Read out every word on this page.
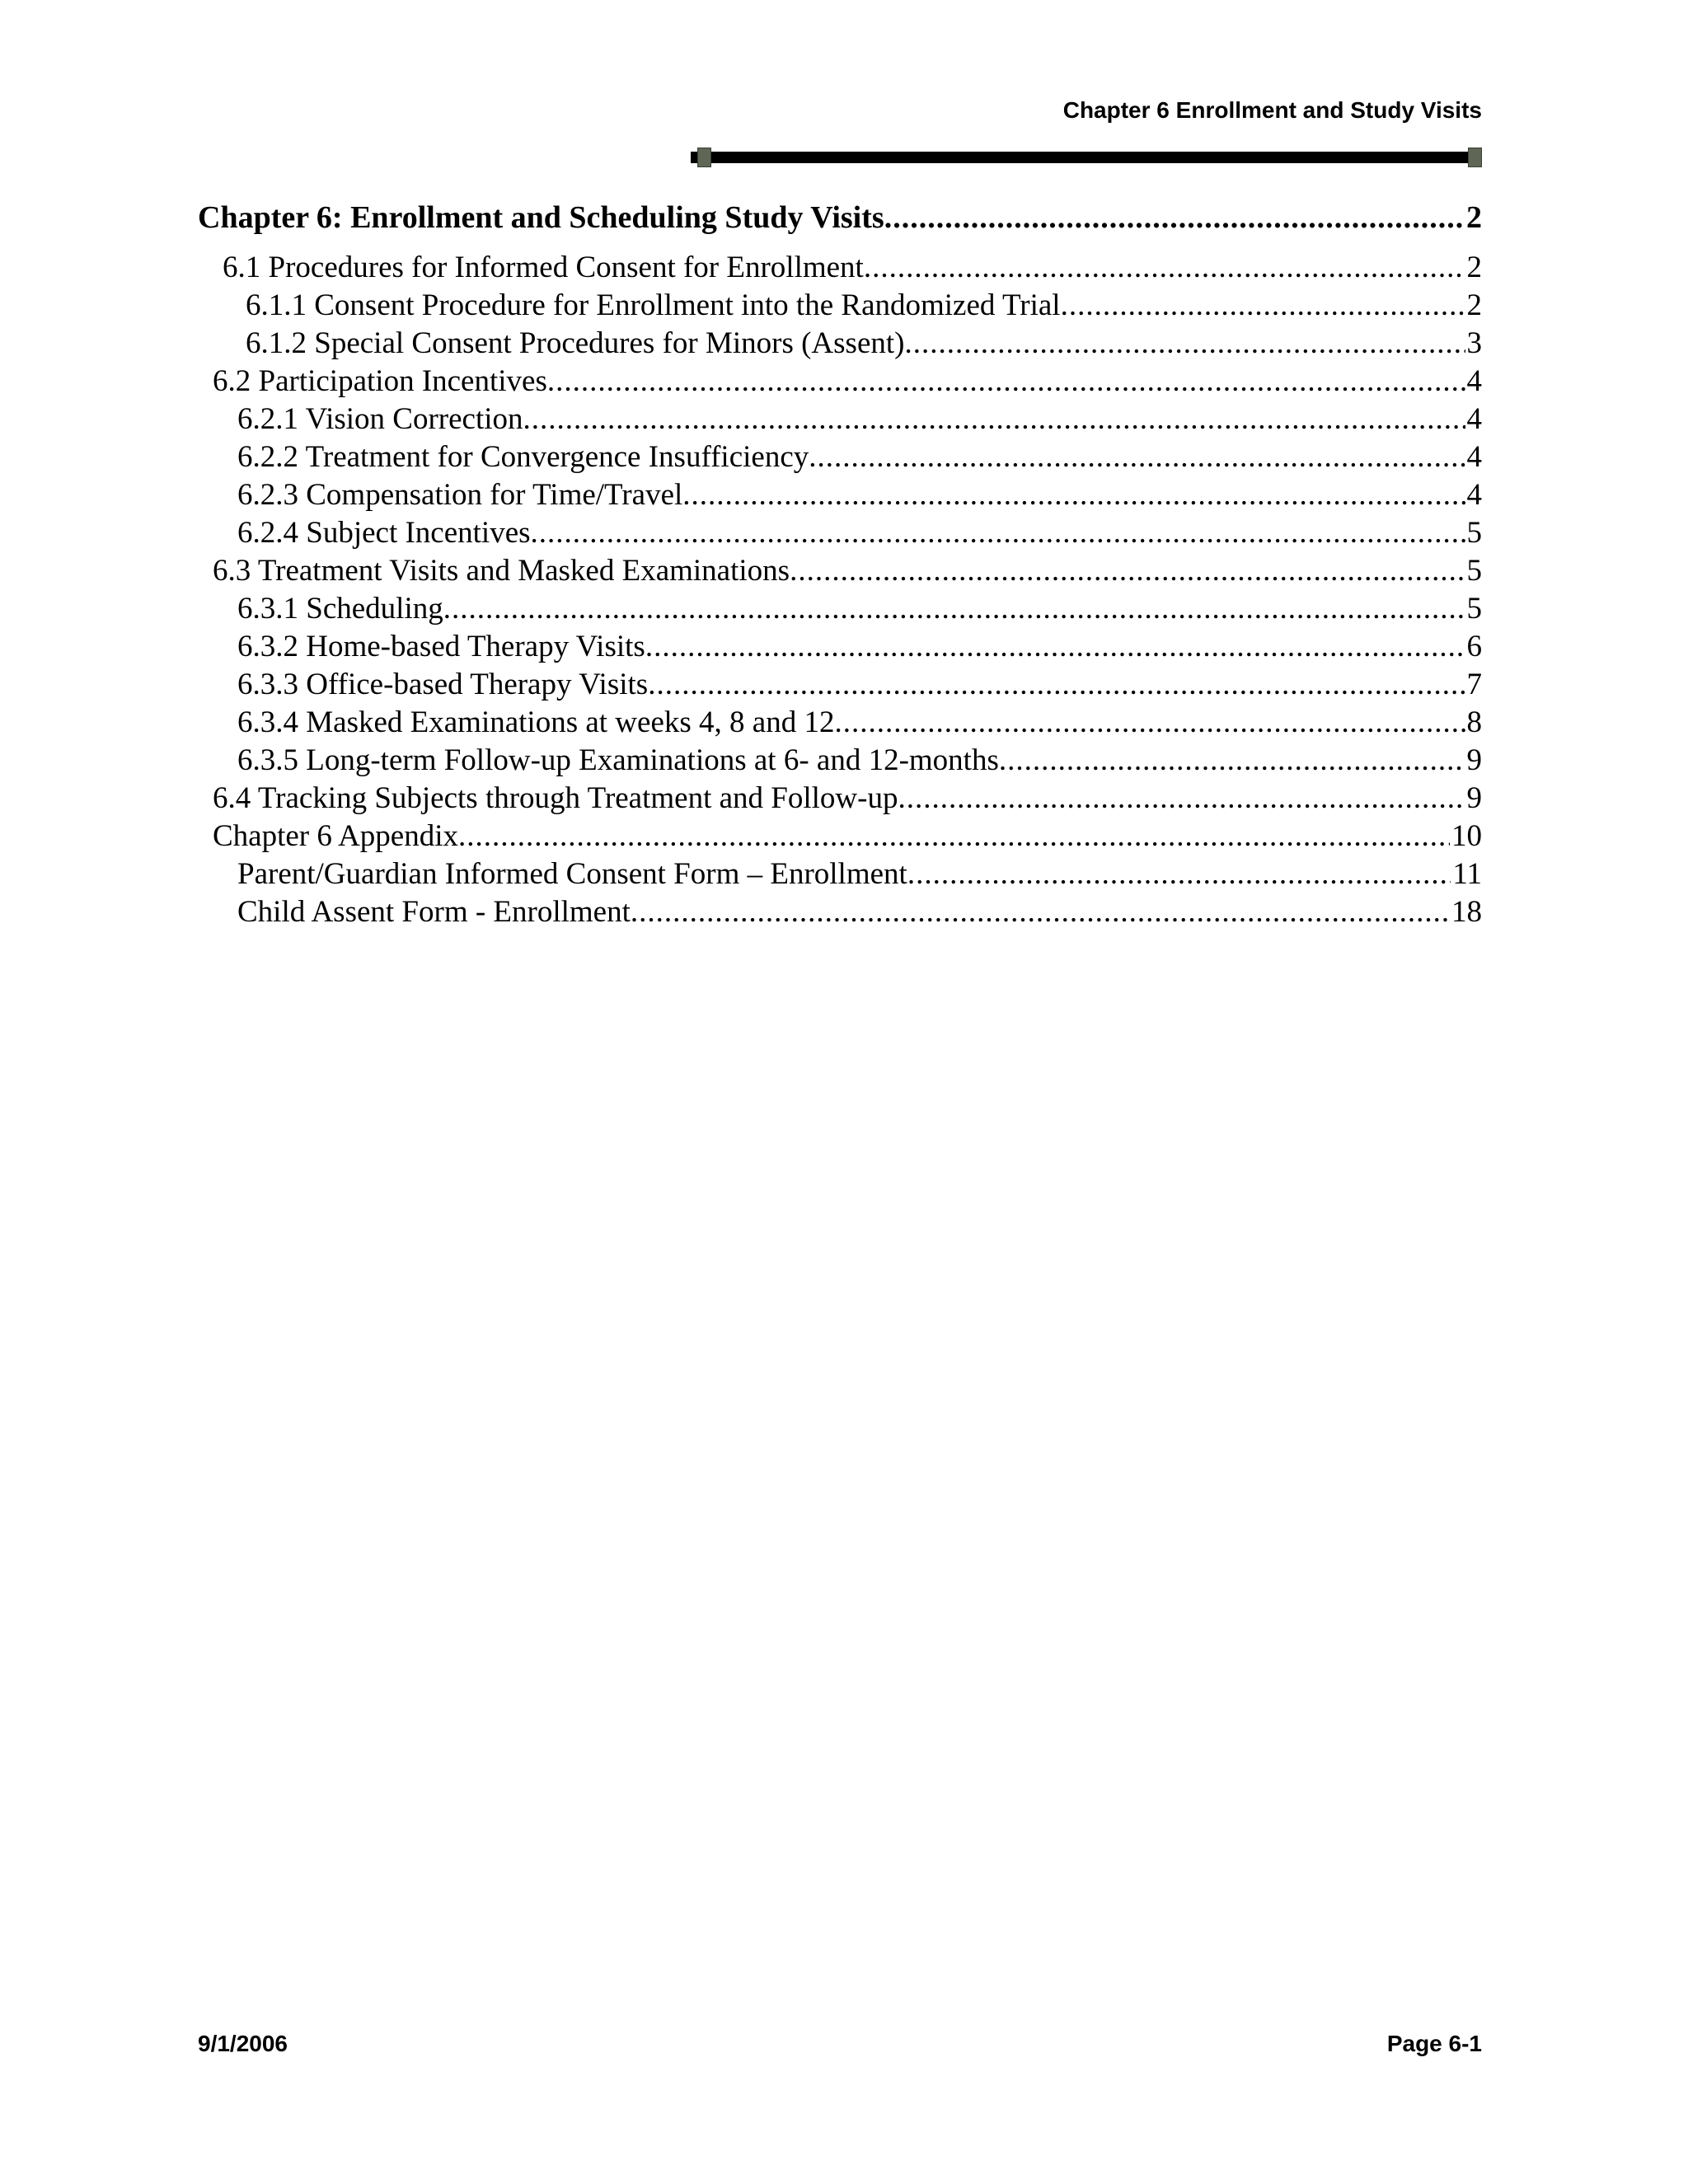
Chapter 6 Enrollment and Study Visits
Chapter 6: Enrollment and Scheduling Study Visits .....	2
6.1 Procedures for Informed Consent for Enrollment .....	2
6.1.1 Consent Procedure for Enrollment into the Randomized Trial .....	2
6.1.2 Special Consent Procedures for Minors (Assent) .....	3
6.2 Participation Incentives .....	4
6.2.1 Vision Correction .....	4
6.2.2 Treatment for Convergence Insufficiency .....	4
6.2.3 Compensation for Time/Travel .....	4
6.2.4 Subject Incentives .....	5
6.3 Treatment Visits and Masked Examinations .....	5
6.3.1 Scheduling .....	5
6.3.2 Home-based Therapy Visits .....	6
6.3.3 Office-based Therapy Visits .....	7
6.3.4 Masked Examinations at weeks 4, 8 and 12 .....	8
6.3.5 Long-term Follow-up Examinations at 6- and 12-months .....	9
6.4 Tracking Subjects through Treatment and Follow-up .....	9
Chapter 6 Appendix .....	10
Parent/Guardian Informed Consent Form – Enrollment .....	11
Child Assent Form - Enrollment .....	18
9/1/2006	Page 6-1
